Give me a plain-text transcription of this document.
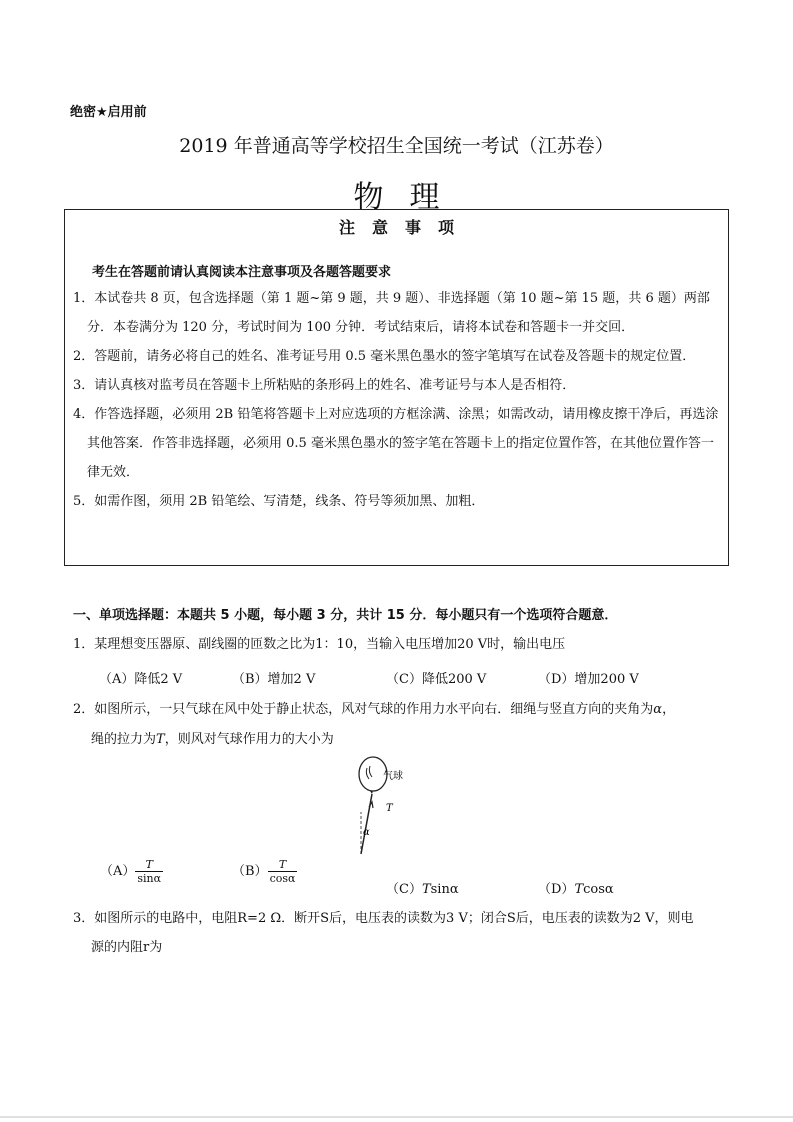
绝密★启用前
2019 年普通高等学校招生全国统一考试（江苏卷）
物理
注意事项
考生在答题前请认真阅读本注意事项及各题答题要求
1．本试卷共 8 页，包含选择题（第 1 题~第 9 题，共 9 题）、非选择题（第 10 题~第 15 题，共 6 题）两部分．本卷满分为 120 分，考试时间为 100 分钟．考试结束后，请将本试卷和答题卡一并交回．
2．答题前，请务必将自己的姓名、准考证号用 0.5 毫米黑色墨水的签字笔填写在试卷及答题卡的规定位置．
3．请认真核对监考员在答题卡上所粘贴的条形码上的姓名、准考证号与本人是否相符．
4．作答选择题，必须用 2B 铅笔将答题卡上对应选项的方框涂满、涂黑；如需改动，请用橡皮擦干净后，再选涂其他答案．作答非选择题，必须用 0.5 毫米黑色墨水的签字笔在答题卡上的指定位置作答，在其他位置作答一律无效．
5．如需作图，须用 2B 铅笔绘、写清楚，线条、符号等须加黑、加粗．
一、单项选择题：本题共 5 小题，每小题 3 分，共计 15 分．每小题只有一个选项符合题意．
1．某理想变压器原、副线圈的匝数之比为1：10，当输入电压增加20 V时，输出电压
（A）降低2 V	（B）增加2 V	（C）降低200 V	（D）增加200 V
2．如图所示，一只气球在风中处于静止状态，风对气球的作用力水平向右．细绳与竖直方向的夹角为α，
绳的拉力为T，则风对气球作用力的大小为
气球
T
α
$(A) \frac{T}{\sin\alpha}$	$(B) \frac{T}{\cos\alpha}$
（C）Tsinα	（D）Tcosα
3．如图所示的电路中，电阻R=2 Ω．断开S后，电压表的读数为3 V；闭合S后，电压表的读数为2 V，则电
源的内阻r为
